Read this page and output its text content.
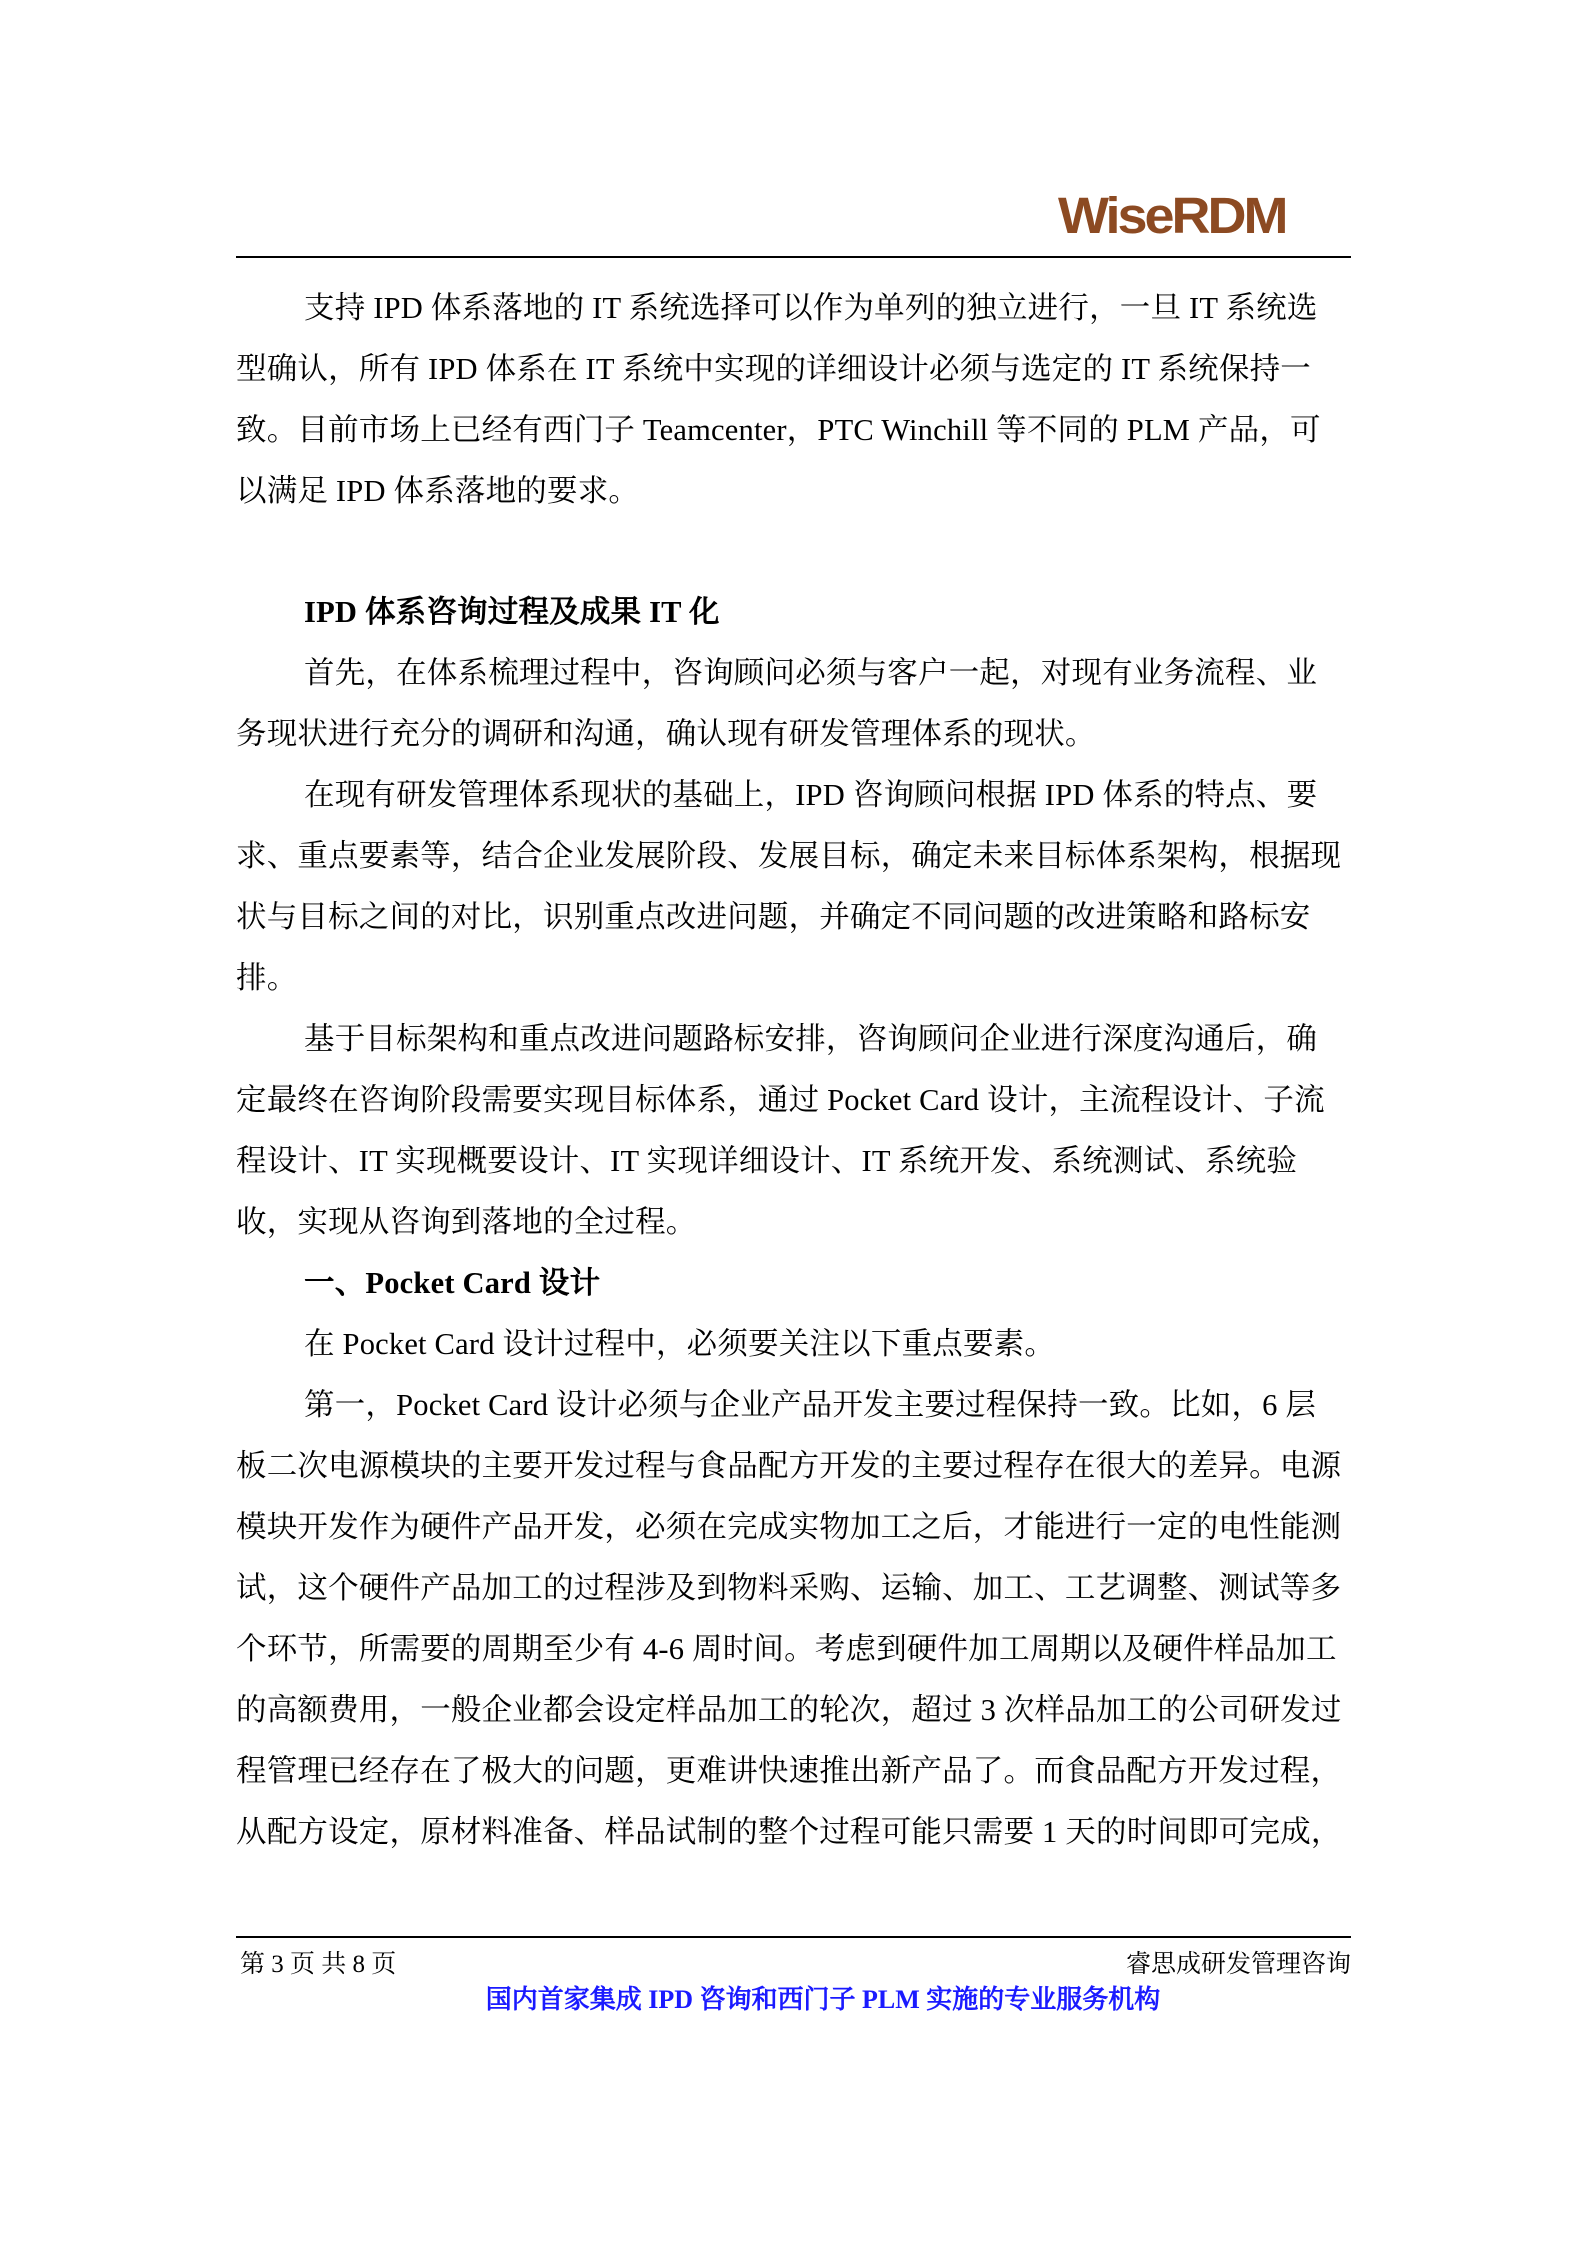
WiseRDM
支持 IPD 体系落地的 IT 系统选择可以作为单列的独立进行，一旦 IT 系统选
型确认，所有 IPD 体系在 IT 系统中实现的详细设计必须与选定的 IT 系统保持一
致。目前市场上已经有西门子 Teamcenter，PTC Winchill 等不同的 PLM 产品，可
以满足 IPD 体系落地的要求。
IPD 体系咨询过程及成果 IT 化
首先，在体系梳理过程中，咨询顾问必须与客户一起，对现有业务流程、业
务现状进行充分的调研和沟通，确认现有研发管理体系的现状。
在现有研发管理体系现状的基础上，IPD 咨询顾问根据 IPD 体系的特点、要
求、重点要素等，结合企业发展阶段、发展目标，确定未来目标体系架构，根据现
状与目标之间的对比，识别重点改进问题，并确定不同问题的改进策略和路标安
排。
基于目标架构和重点改进问题路标安排，咨询顾问企业进行深度沟通后，确
定最终在咨询阶段需要实现目标体系，通过 Pocket Card 设计，主流程设计、子流
程设计、IT 实现概要设计、IT 实现详细设计、IT 系统开发、系统测试、系统验
收，实现从咨询到落地的全过程。
一、Pocket Card 设计
在 Pocket Card 设计过程中，必须要关注以下重点要素。
第一，Pocket Card 设计必须与企业产品开发主要过程保持一致。比如，6 层
板二次电源模块的主要开发过程与食品配方开发的主要过程存在很大的差异。电源
模块开发作为硬件产品开发，必须在完成实物加工之后，才能进行一定的电性能测
试，这个硬件产品加工的过程涉及到物料采购、运输、加工、工艺调整、测试等多
个环节，所需要的周期至少有 4-6 周时间。考虑到硬件加工周期以及硬件样品加工
的高额费用，一般企业都会设定样品加工的轮次，超过 3 次样品加工的公司研发过
程管理已经存在了极大的问题，更难讲快速推出新产品了。而食品配方开发过程，
从配方设定，原材料准备、样品试制的整个过程可能只需要 1 天的时间即可完成，
第 3 页 共 8 页	睿思成研发管理咨询
国内首家集成 IPD 咨询和西门子 PLM 实施的专业服务机构
